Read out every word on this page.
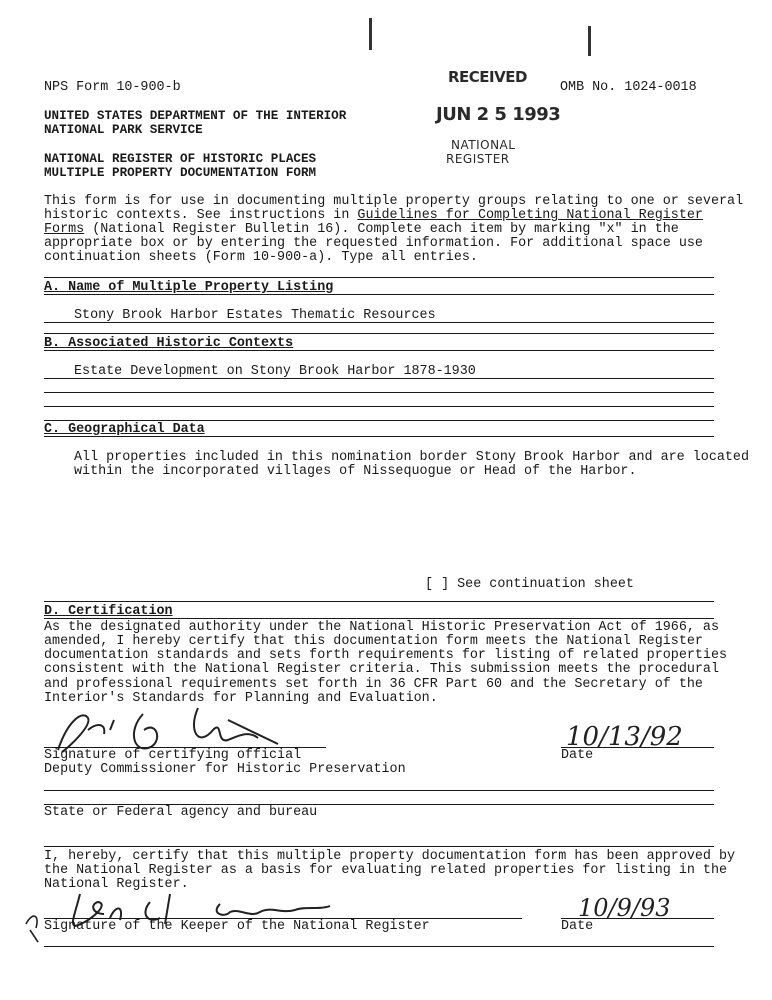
NPS Form 10-900-b	OMB No. 1024-0018
UNITED STATES DEPARTMENT OF THE INTERIOR
NATIONAL PARK SERVICE
NATIONAL REGISTER OF HISTORIC PLACES
MULTIPLE PROPERTY DOCUMENTATION FORM
RECEIVED
JUN 2 5 1993
NATIONAL
REGISTER
This form is for use in documenting multiple property groups relating to one or several
historic contexts. See instructions in Guidelines for Completing National Register
Forms (National Register Bulletin 16). Complete each item by marking "x" in the
appropriate box or by entering the requested information. For additional space use
continuation sheets (Form 10-900-a). Type all entries.
A. Name of Multiple Property Listing
Stony Brook Harbor Estates Thematic Resources
B. Associated Historic Contexts
Estate Development on Stony Brook Harbor 1878-1930
C. Geographical Data
All properties included in this nomination border Stony Brook Harbor and are located
within the incorporated villages of Nissequogue or Head of the Harbor.
[ ] See continuation sheet
D. Certification
As the designated authority under the National Historic Preservation Act of 1966, as
amended, I hereby certify that this documentation form meets the National Register
documentation standards and sets forth requirements for listing of related properties
consistent with the National Register criteria. This submission meets the procedural
and professional requirements set forth in 36 CFR Part 60 and the Secretary of the
Interior's Standards for Planning and Evaluation.
Signature of certifying official
10/13/92
Date
Deputy Commissioner for Historic Preservation
State or Federal agency and bureau
I, hereby, certify that this multiple property documentation form has been approved by
the National Register as a basis for evaluating related properties for listing in the
National Register.
Signature of the Keeper of the National Register
10/9/93
Date
